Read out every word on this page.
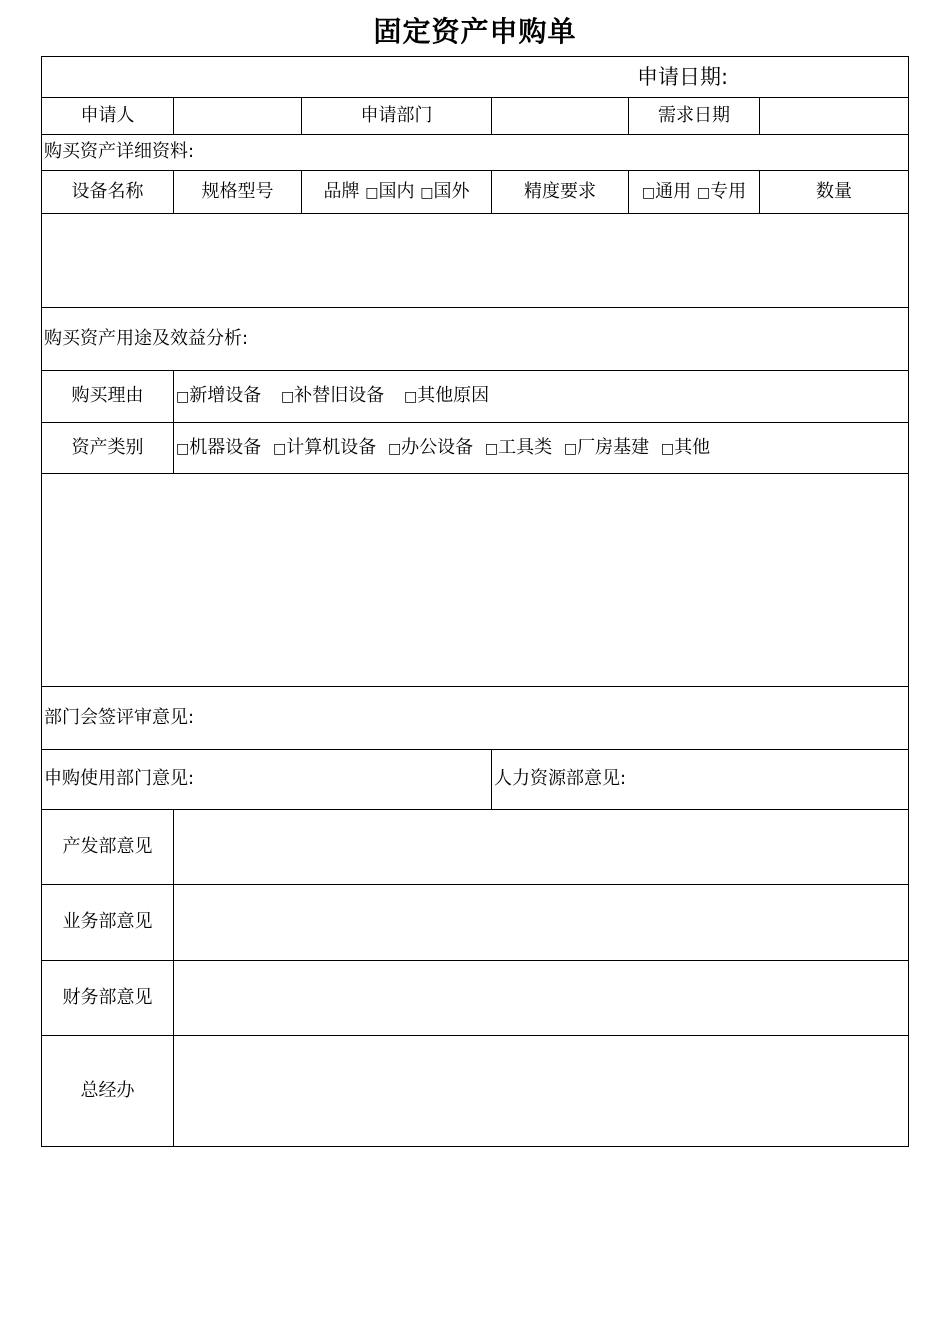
固定资产申购单
申请日期:					
申请人		申请部门		需求日期	
购买资产详细资料:					
设备名称	规格型号	品牌 □国内 □国外	精度要求	□通用 □专用	数量

购买资产用途及效益分析:					
购买理由	□新增设备 □补替旧设备 □其他原因				
资产类别	□机器设备 □计算机设备 □办公设备 □工具类 □厂房基建 □其他				

部门会签评审意见:					
申购使用部门意见:			人力资源部意见:		
产发部意见					
业务部意见					
财务部意见					
总经办					
